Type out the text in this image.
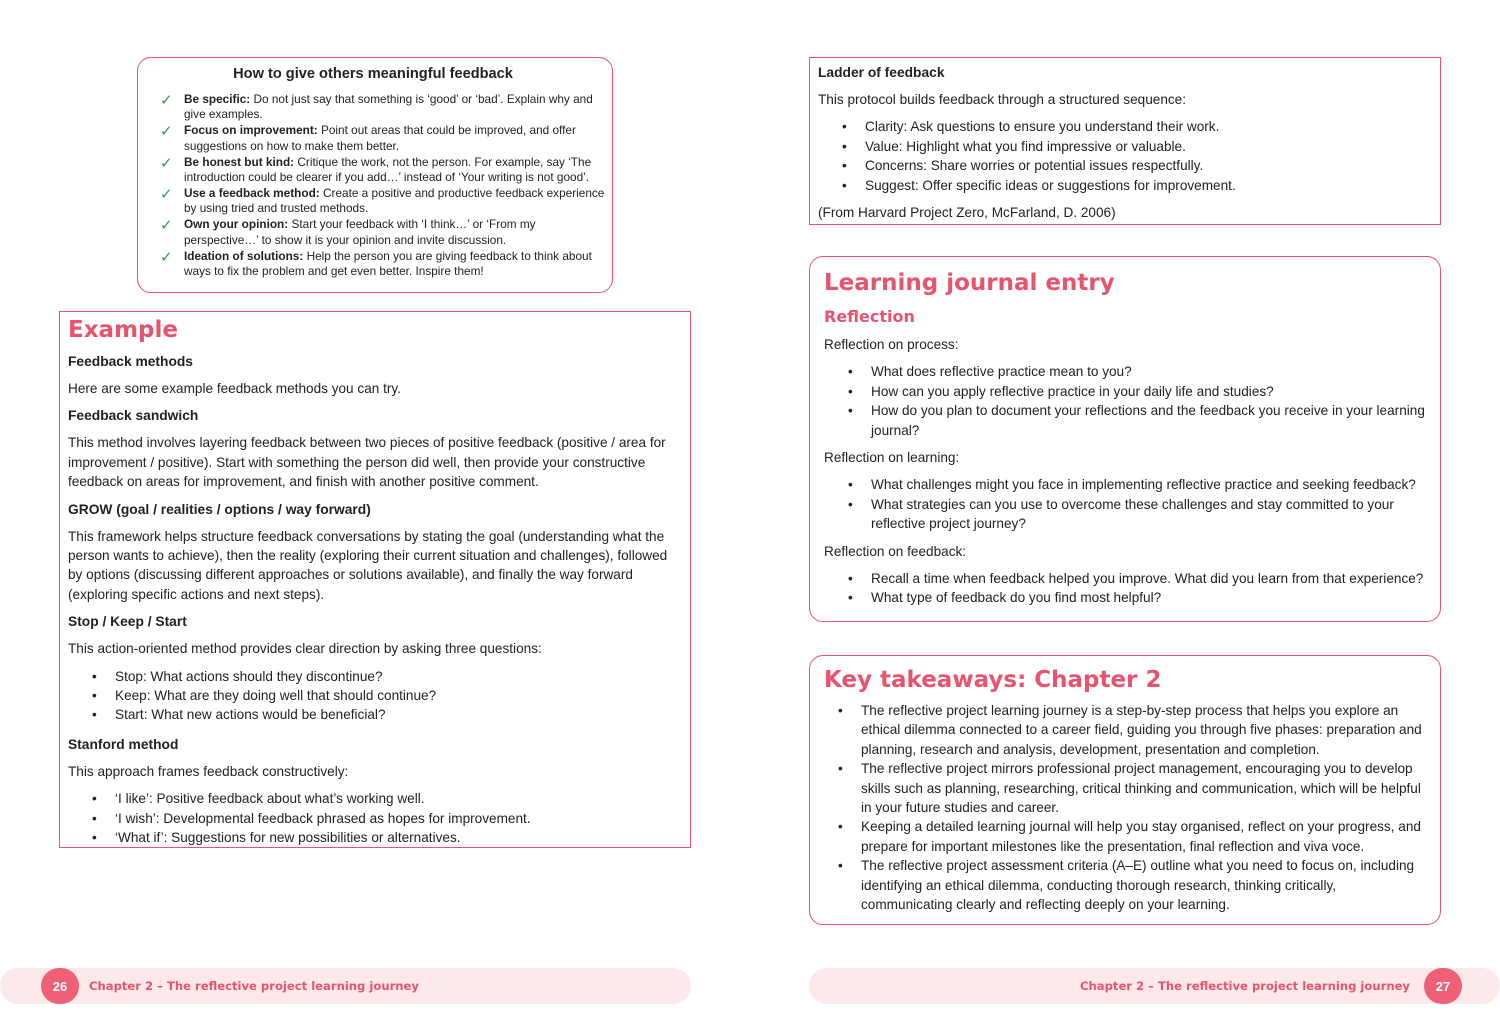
How to give others meaningful feedback

✓ Be specific: Do not just say that something is ‘good’ or ‘bad’. Explain why and give examples.
✓ Focus on improvement: Point out areas that could be improved, and offer suggestions on how to make them better.
✓ Be honest but kind: Critique the work, not the person. For example, say ‘The introduction could be clearer if you add…’ instead of ‘Your writing is not good’.
✓ Use a feedback method: Create a positive and productive feedback experience by using tried and trusted methods.
✓ Own your opinion: Start your feedback with ‘I think…’ or ‘From my perspective…’ to show it is your opinion and invite discussion.
✓ Ideation of solutions: Help the person you are giving feedback to think about ways to fix the problem and get even better. Inspire them!

Example

Feedback methods

Here are some example feedback methods you can try.

Feedback sandwich

This method involves layering feedback between two pieces of positive feedback (positive / area for improvement / positive). Start with something the person did well, then provide your constructive feedback on areas for improvement, and finish with another positive comment.

GROW (goal / realities / options / way forward)

This framework helps structure feedback conversations by stating the goal (understanding what the person wants to achieve), then the reality (exploring their current situation and challenges), followed by options (discussing different approaches or solutions available), and finally the way forward (exploring specific actions and next steps).

Stop / Keep / Start

This action-oriented method provides clear direction by asking three questions:

• Stop: What actions should they discontinue?
• Keep: What are they doing well that should continue?
• Start: What new actions would be beneficial?

Stanford method

This approach frames feedback constructively:

• ‘I like’: Positive feedback about what’s working well.
• ‘I wish’: Developmental feedback phrased as hopes for improvement.
• ‘What if’: Suggestions for new possibilities or alternatives.

Ladder of feedback

This protocol builds feedback through a structured sequence:

• Clarity: Ask questions to ensure you understand their work.
• Value: Highlight what you find impressive or valuable.
• Concerns: Share worries or potential issues respectfully.
• Suggest: Offer specific ideas or suggestions for improvement.

(From Harvard Project Zero, McFarland, D. 2006)

Learning journal entry

Reflection

Reflection on process:

• What does reflective practice mean to you?
• How can you apply reflective practice in your daily life and studies?
• How do you plan to document your reflections and the feedback you receive in your learning journal?

Reflection on learning:

• What challenges might you face in implementing reflective practice and seeking feedback?
• What strategies can you use to overcome these challenges and stay committed to your reflective project journey?

Reflection on feedback:

• Recall a time when feedback helped you improve. What did you learn from that experience?
• What type of feedback do you find most helpful?

Key takeaways: Chapter 2

• The reflective project learning journey is a step-by-step process that helps you explore an ethical dilemma connected to a career field, guiding you through five phases: preparation and planning, research and analysis, development, presentation and completion.
• The reflective project mirrors professional project management, encouraging you to develop skills such as planning, researching, critical thinking and communication, which will be helpful in your future studies and career.
• Keeping a detailed learning journal will help you stay organised, reflect on your progress, and prepare for important milestones like the presentation, final reflection and viva voce.
• The reflective project assessment criteria (A–E) outline what you need to focus on, including identifying an ethical dilemma, conducting thorough research, thinking critically, communicating clearly and reflecting deeply on your learning.
26	Chapter 2 – The reflective project learning journey	Chapter 2 – The reflective project learning journey	27
